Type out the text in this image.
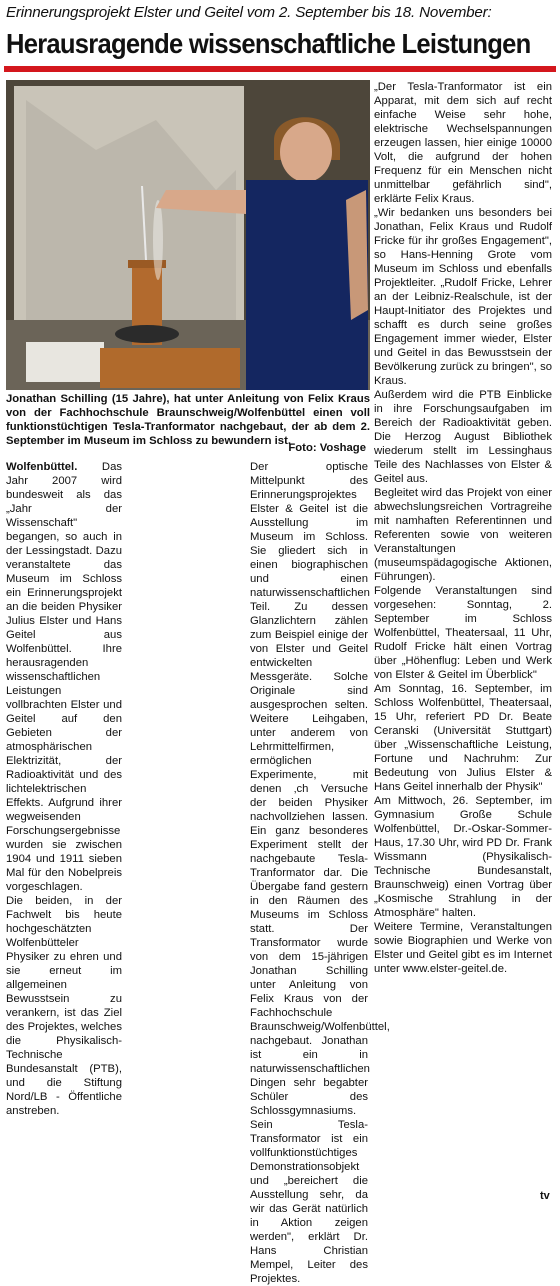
Erinnerungsprojekt Elster und Geitel vom 2. September bis 18. November:
Herausragende wissenschaftliche Leistungen
Jonathan Schilling (15 Jahre), hat unter Anleitung von Felix Kraus von der Fachhochschule Braunschweig/Wolfenbüttel einen voll funktionstüchtigen Tesla-Tranformator nachgebaut, der ab dem 2. September im Museum im Schloss zu bewundern ist.
Foto: Voshage

Wolfenbüttel. Das Jahr 2007 wird bundesweit als das „Jahr der Wissenschaft" begangen, so auch in der Lessingstadt. Dazu veranstaltete das Museum im Schloss ein Erinnerungsprojekt an die beiden Physiker Julius Elster und Hans Geitel aus Wolfenbüttel. Ihre herausragenden wissenschaftlichen Leistungen vollbrachten Elster und Geitel auf den Gebieten der atmosphärischen Elektrizität, der Radioaktivität und des lichtelektrischen Effekts. Aufgrund ihrer wegweisenden Forschungsergebnisse wurden sie zwischen 1904 und 1911 sieben Mal für den Nobelpreis vorgeschlagen.

Die beiden, in der Fachwelt bis heute hochgeschätzten Wolfenbütteler Physiker zu ehren und sie erneut im allgemeinen Bewusstsein zu verankern, ist das Ziel des Projektes, welches die Physikalisch-Technische Bundesanstalt (PTB), und die Stiftung Nord/LB - Öffentliche anstreben.

Der optische Mittelpunkt des Erinnerungsprojektes Elster & Geitel ist die Ausstellung im Museum im Schloss. Sie gliedert sich in einen biographischen und einen naturwissenschaftlichen Teil. Zu dessen Glanzlichtern zählen zum Beispiel einige der von Elster und Geitel entwickelten Messgeräte. Solche Originale sind ausgesprochen selten. Weitere Leihgaben, unter anderem von Lehrmittelfirmen, ermöglichen Experimente, mit denen ‚ch Versuche der beiden Physiker nachvollziehen lassen. Ein ganz besonderes Experiment stellt der nachgebaute Tesla-Tranformator dar. Die Übergabe fand gestern in den Räumen des Museums im Schloss statt. Der Transformator wurde von dem 15-jährigen Jonathan Schilling unter Anleitung von Felix Kraus von der Fachhochschule Braunschweig/Wolfenbüttel, nachgebaut. Jonathan ist ein in naturwissenschaftlichen Dingen sehr begabter Schüler des Schlossgymnasiums. Sein Tesla-Transformator ist ein vollfunktionstüchtiges Demonstrationsobjekt und „bereichert die Ausstellung sehr, da wir das Gerät natürlich in Aktion zeigen werden", erklärt Dr. Hans Christian Mempel, Leiter des Projektes.

„Der Tesla-Tranformator ist ein Apparat, mit dem sich auf recht einfache Weise sehr hohe, elektrische Wechselspannungen erzeugen lassen, hier einige 10000 Volt, die aufgrund der hohen Frequenz für ein Menschen nicht unmittelbar gefährlich sind", erklärte Felix Kraus.

„Wir bedanken uns besonders bei Jonathan, Felix Kraus und Rudolf Fricke für ihr großes Engagement", so Hans-Henning Grote vom Museum im Schloss und ebenfalls Projektleiter. „Rudolf Fricke, Lehrer an der Leibniz-Realschule, ist der Haupt-Initiator des Projektes und schafft es durch seine großes Engagement immer wieder, Elster und Geitel in das Bewusstsein der Bevölkerung zurück zu bringen", so Kraus.

Außerdem wird die PTB Einblicke in ihre Forschungsaufgaben im Bereich der Radioaktivität geben. Die Herzog August Bibliothek wiederum stellt im Lessinghaus Teile des Nachlasses von Elster & Geitel aus.

Begleitet wird das Projekt von einer abwechslungsreichen Vortragreihe mit namhaften Referentinnen und Referenten sowie von weiteren Veranstaltungen (museumspädagogische Aktionen, Führungen).

Folgende Veranstaltungen sind vorgesehen: Sonntag, 2. September im Schloss Wolfenbüttel, Theatersaal, 11 Uhr, Rudolf Fricke hält einen Vortrag über „Höhenflug: Leben und Werk von Elster & Geitel im Überblick"

Am Sonntag, 16. September, im Schloss Wolfenbüttel, Theatersaal, 15 Uhr, referiert PD Dr. Beate Ceranski (Universität Stuttgart) über „Wissenschaftliche Leistung, Fortune und Nachruhm: Zur Bedeutung von Julius Elster & Hans Geitel innerhalb der Physik"

Am Mittwoch, 26. September, im Gymnasium Große Schule Wolfenbüttel, Dr.-Oskar-Sommer-Haus, 17.30 Uhr, wird PD Dr. Frank Wissmann (Physikalisch-Technische Bundesanstalt, Braunschweig) einen Vortrag über „Kosmische Strahlung in der Atmosphäre" halten.

Weitere Termine, Veranstaltungen sowie Biographien und Werke von Elster und Geitel gibt es im Internet unter www.elster-geitel.de.

tv
